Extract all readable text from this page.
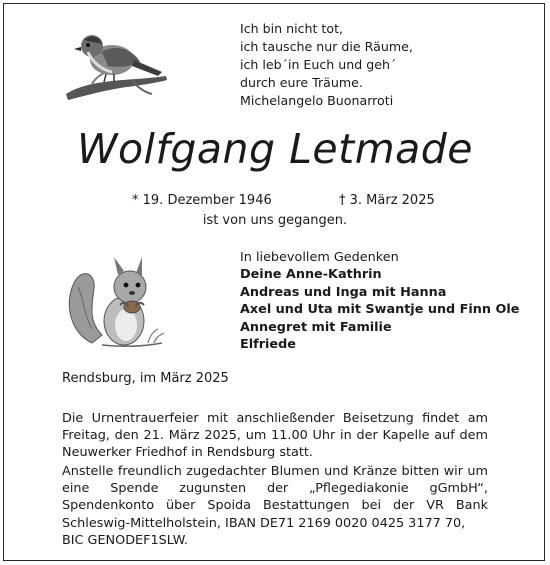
Ich bin nicht tot,
ich tausche nur die Räume,
ich leb´in Euch und geh´
durch eure Träume.
Michelangelo Buonarroti
Wolfgang Letmade
* 19. Dezember 1946	† 3. März 2025
ist von uns gegangen.
In liebevollem Gedenken
Deine Anne-Kathrin
Andreas und Inga mit Hanna
Axel und Uta mit Swantje und Finn Ole
Annegret mit Familie
Elfriede
Rendsburg, im März 2025
Die Urnentrauerfeier mit anschließender Beisetzung findet am
Freitag, den 21. März 2025, um 11.00 Uhr in der Kapelle auf dem
Neuwerker Friedhof in Rendsburg statt.
Anstelle freundlich zugedachter Blumen und Kränze bitten wir um
eine Spende zugunsten der „Pflegediakonie gGmbH“,
Spendenkonto über Spoida Bestattungen bei der VR Bank
Schleswig-Mittelholstein, IBAN DE71 2169 0020 0425 3177 70,
BIC GENODEF1SLW.
